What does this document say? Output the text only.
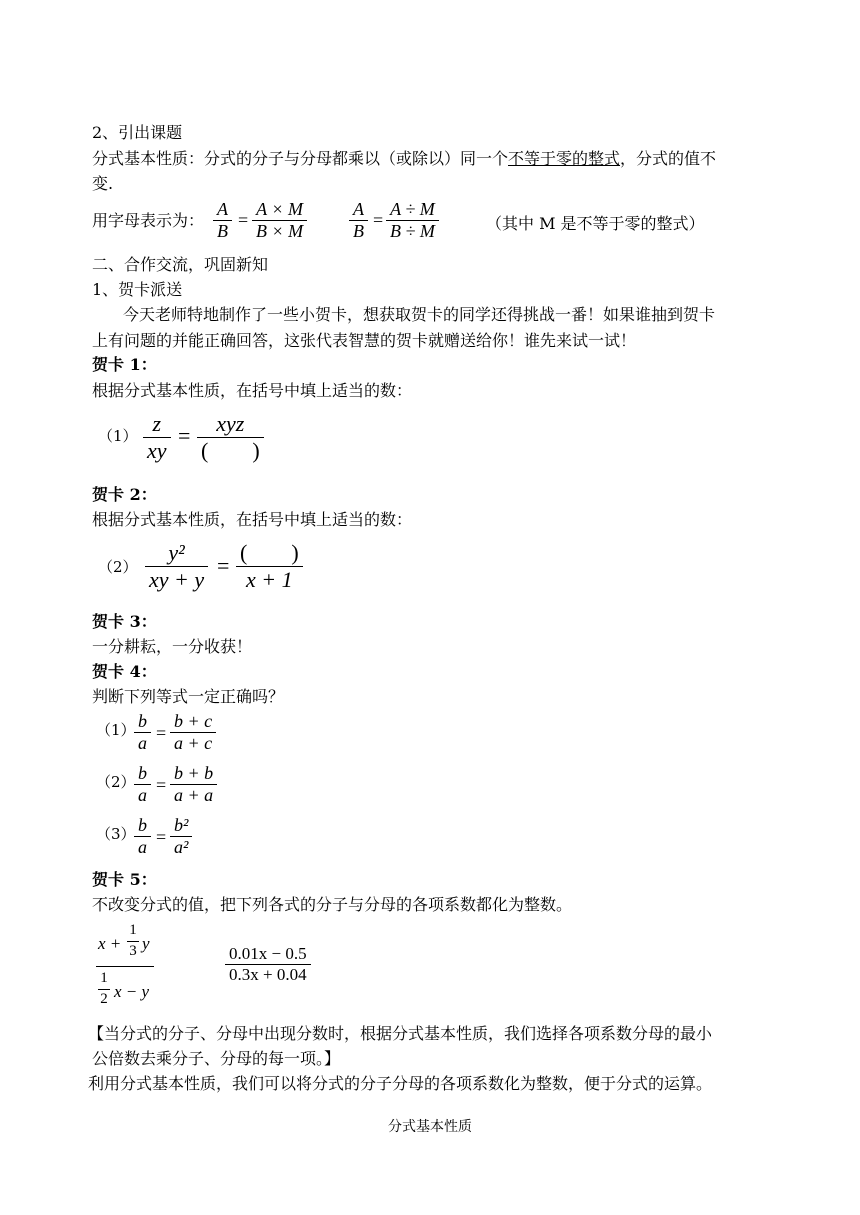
2、引出课题
分式基本性质：分式的分子与分母都乘以（或除以）同一个不等于零的整式，分式的值不
变.
用字母表示为：
A
B
=
A × M
B × M
A
B
=
A ÷ M
B ÷ M	（其中 M 是不等于零的整式）
二、合作交流，巩固新知
1、贺卡派送
今天老师特地制作了一些小贺卡，想获取贺卡的同学还得挑战一番！如果谁抽到贺卡
上有问题的并能正确回答，这张代表智慧的贺卡就赠送给你！谁先来试一试！
贺卡 1：
根据分式基本性质，在括号中填上适当的数：
（1） z
xy
= xyz
(        )
贺卡 2：
根据分式基本性质，在括号中填上适当的数：
（2）
y²
xy + y
=
(        )
x + 1
贺卡 3：
一分耕耘，一分收获！
贺卡 4：
判断下列等式一定正确吗？
（1） b
a =
b + c
a + c
（2） b
a =
b + b
a + a
（3） b
a =
b²
a²
贺卡 5：
不改变分式的值，把下列各式的分子与分母的各项系数都化为整数。
x +
1
3 y
1
2 x − y
0.01x − 0.5
0.3x + 0.04
【当分式的分子、分母中出现分数时，根据分式基本性质，我们选择各项系数分母的最小
公倍数去乘分子、分母的每一项。】
利用分式基本性质，我们可以将分式的分子分母的各项系数化为整数，便于分式的运算。
分式基本性质
